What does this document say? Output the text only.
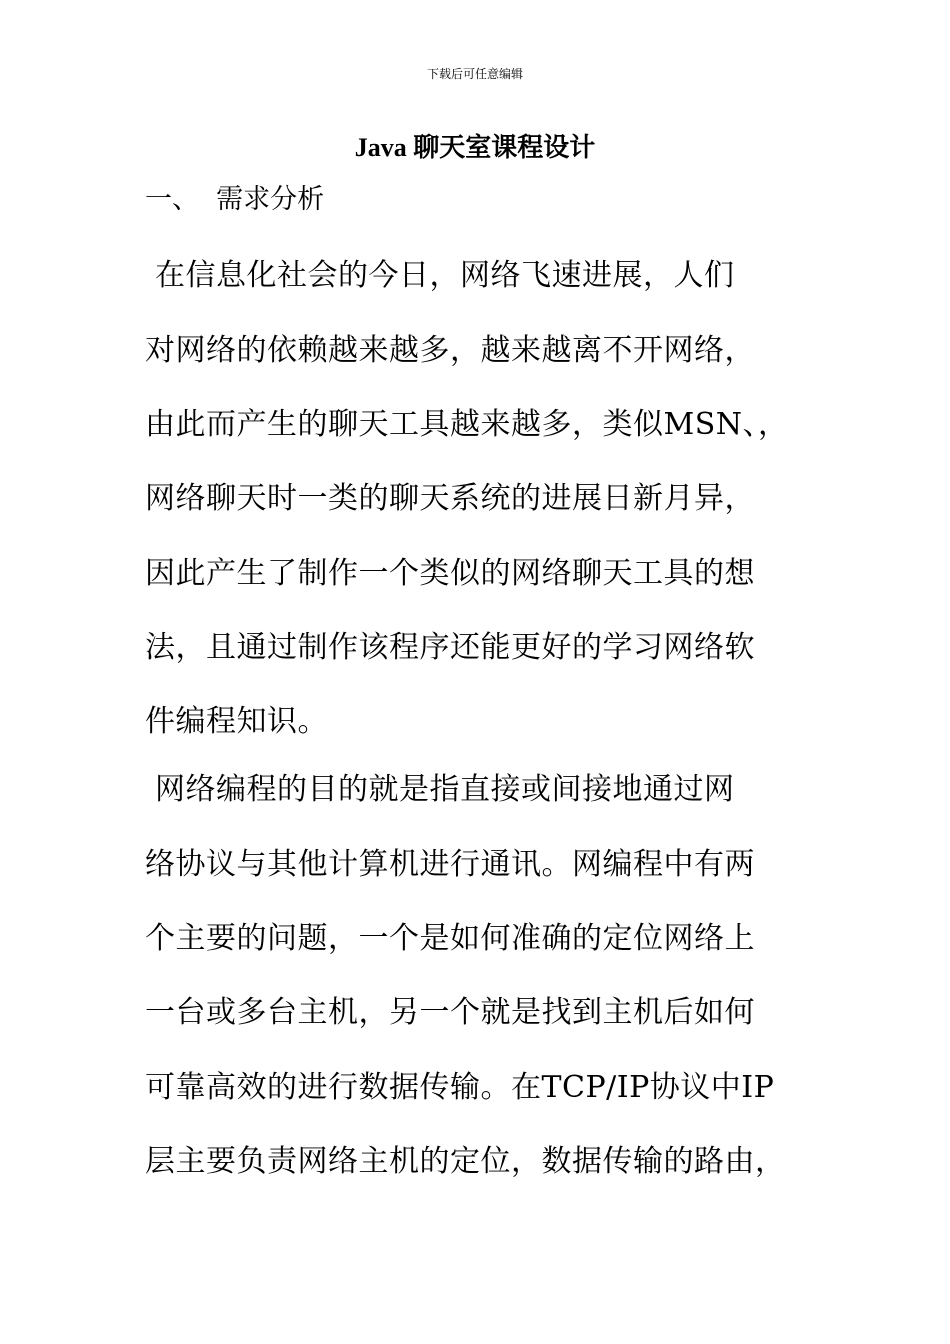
下载后可任意编辑
Java 聊天室课程设计
一、  需求分析
在信息化社会的今日，网络飞速进展，人们
对网络的依赖越来越多，越来越离不开网络，
由此而产生的聊天工具越来越多，类似MSN、，
网络聊天时一类的聊天系统的进展日新月异，
因此产生了制作一个类似的网络聊天工具的想
法，且通过制作该程序还能更好的学习网络软
件编程知识。
网络编程的目的就是指直接或间接地通过网
络协议与其他计算机进行通讯。网编程中有两
个主要的问题，一个是如何准确的定位网络上
一台或多台主机，另一个就是找到主机后如何
可靠高效的进行数据传输。在TCP/IP协议中IP
层主要负责网络主机的定位，数据传输的路由，
